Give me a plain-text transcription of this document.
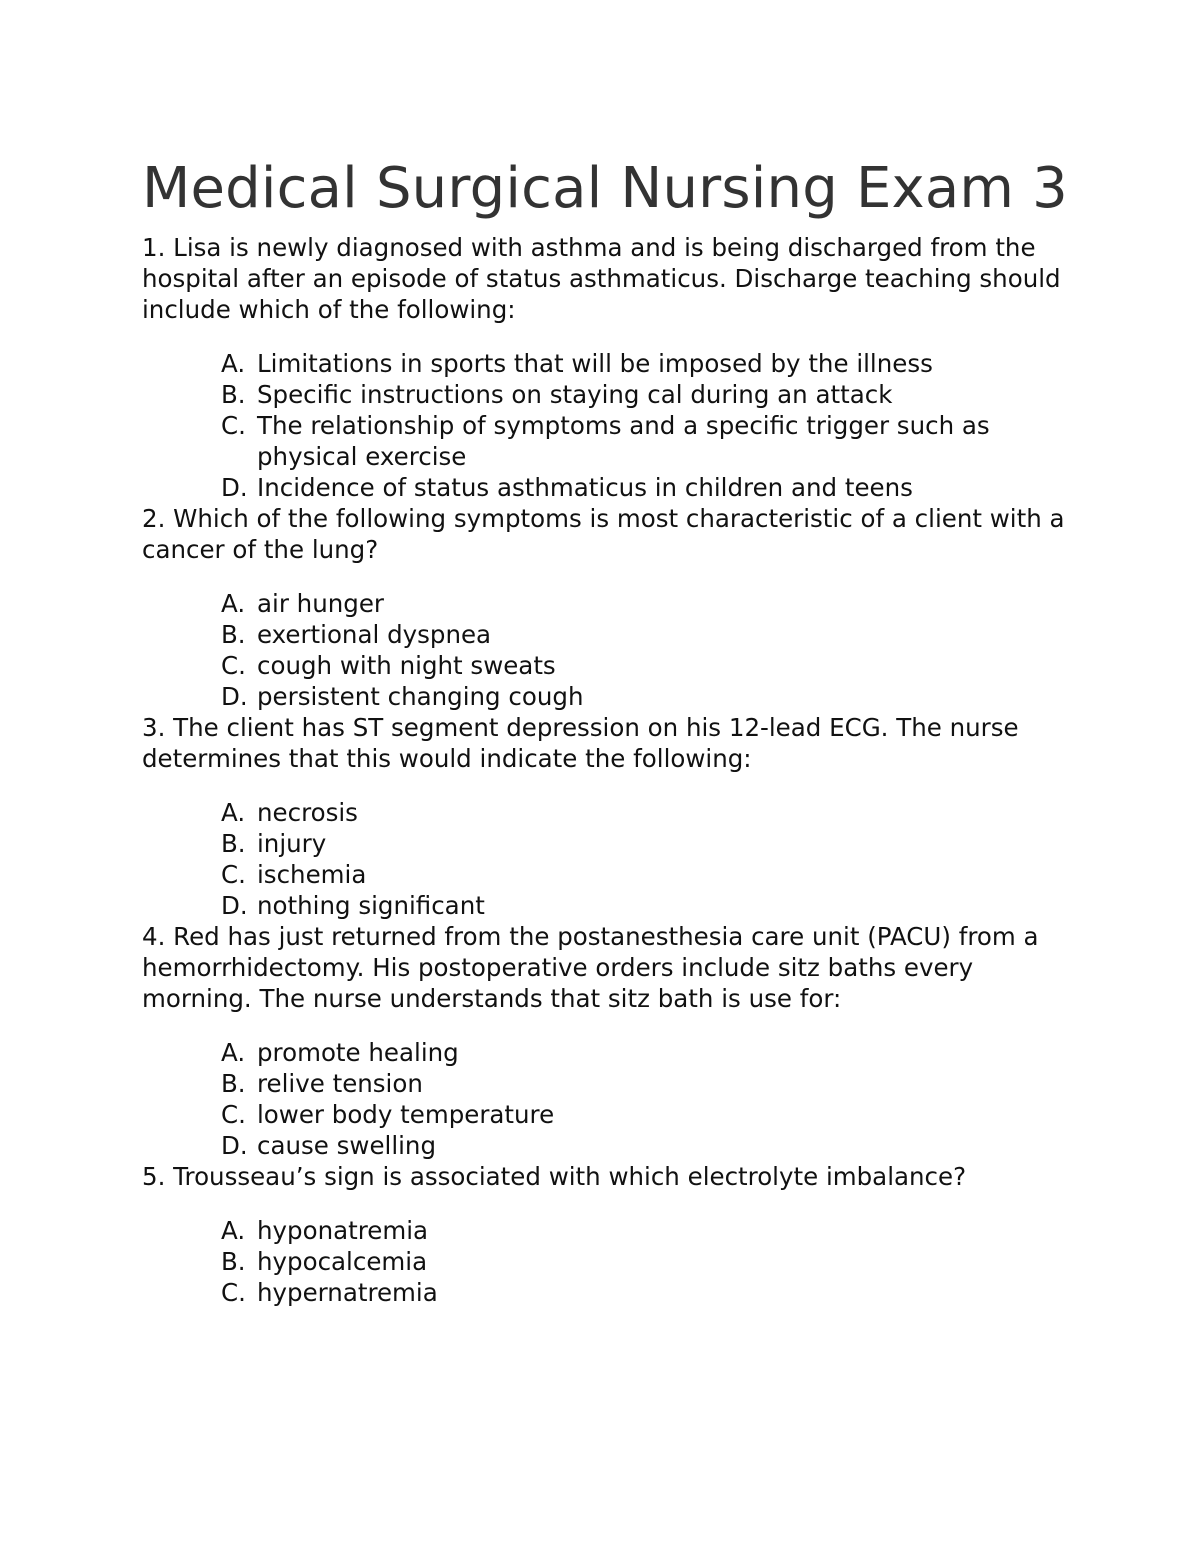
Medical Surgical Nursing Exam 3

1. Lisa is newly diagnosed with asthma and is being discharged from the hospital after an episode of status asthmaticus. Discharge teaching should include which of the following:

A. Limitations in sports that will be imposed by the illness
B. Specific instructions on staying cal during an attack
C. The relationship of symptoms and a specific trigger such as physical exercise
D. Incidence of status asthmaticus in children and teens

2. Which of the following symptoms is most characteristic of a client with a cancer of the lung?

A. air hunger
B. exertional dyspnea
C. cough with night sweats
D. persistent changing cough

3. The client has ST segment depression on his 12-lead ECG. The nurse determines that this would indicate the following:

A. necrosis
B. injury
C. ischemia
D. nothing significant

4. Red has just returned from the postanesthesia care unit (PACU) from a hemorrhidectomy. His postoperative orders include sitz baths every morning. The nurse understands that sitz bath is use for:

A. promote healing
B. relive tension
C. lower body temperature
D. cause swelling

5. Trousseau’s sign is associated with which electrolyte imbalance?

A. hyponatremia
B. hypocalcemia
C. hypernatremia
